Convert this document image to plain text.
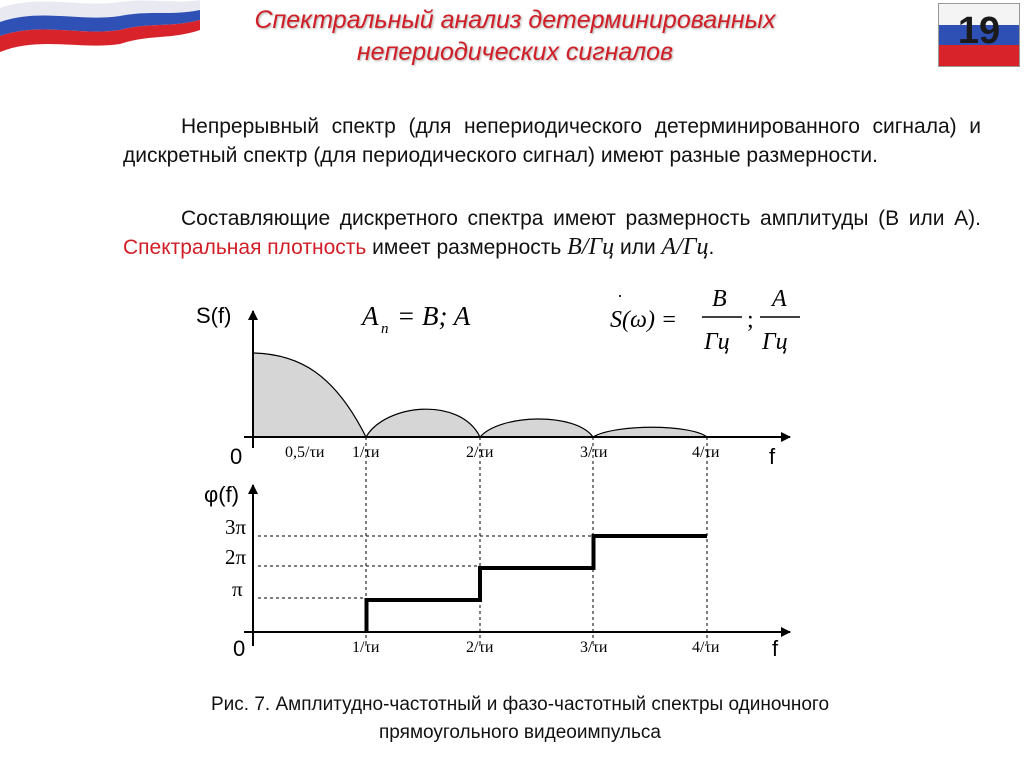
19
Спектральный анализ детерминированных
непериодических сигналов
Непрерывный спектр (для непериодического детерминированного сигнала) и дискретный спектр (для периодического сигнал) имеют разные размерности.
Составляющие дискретного спектра имеют размерность амплитуды (В или А). Спектральная плотность имеет размерность В/Гц или А/Гц.
S(f)
0	f
0,5/τи 1/τи	2/τи	3/τи	4/τи
A n = B; A
·
S(ω) =
B
Гц
;
A
Гц
φ(f)
3π
2π
π
0	f
1/τи	2/τи	3/τи	4/τи
Рис. 7. Амплитудно-частотный и фазо-частотный спектры одиночного
прямоугольного видеоимпульса
